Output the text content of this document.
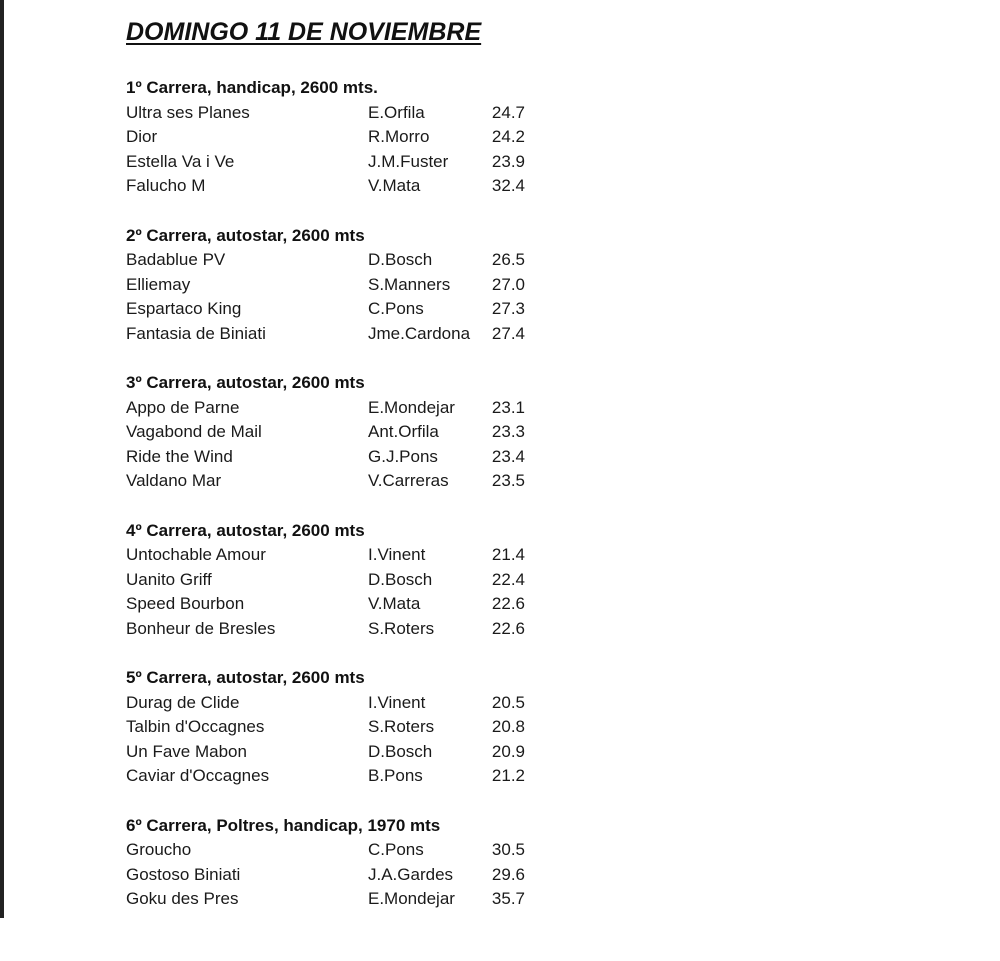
DOMINGO 11 DE NOVIEMBRE
1º Carrera, handicap, 2600 mts.
Ultra ses Planes	E.Orfila	24.7
Dior	R.Morro	24.2
Estella Va i Ve	J.M.Fuster	23.9
Falucho M	V.Mata	32.4
2º Carrera, autostar, 2600 mts
Badablue PV	D.Bosch	26.5
Elliemay	S.Manners 27.0
Espartaco King	C.Pons	27.3
Fantasia de Biniati	Jme.Cardona 27.4
3º Carrera, autostar, 2600 mts
Appo de Parne	E.Mondejar 23.1
Vagabond de Mail	Ant.Orfila	23.3
Ride the Wind	G.J.Pons	23.4
Valdano Mar	V.Carreras	23.5
4º Carrera, autostar, 2600 mts
Untochable Amour	I.Vinent	21.4
Uanito Griff	D.Bosch	22.4
Speed Bourbon	V.Mata	22.6
Bonheur de Bresles	S.Roters	22.6
5º Carrera, autostar, 2600 mts
Durag de Clide	I.Vinent	20.5
Talbin d'Occagnes	S.Roters	20.8
Un Fave Mabon	D.Bosch	20.9
Caviar d'Occagnes	B.Pons	21.2
6º Carrera, Poltres, handicap, 1970 mts
Groucho	C.Pons	30.5
Gostoso Biniati	J.A.Gardes 29.6
Goku des Pres	E.Mondejar 35.7
